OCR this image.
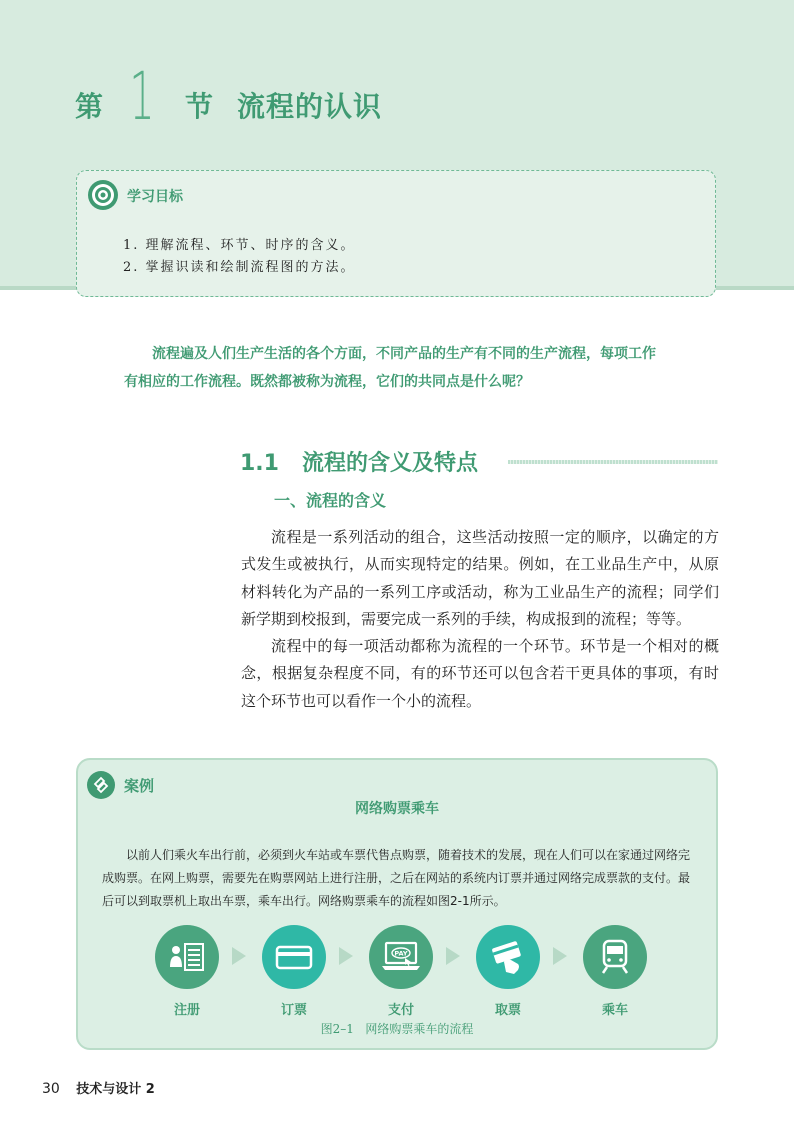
第 1 节 流程的认识
学习目标
1. 理解流程、环节、时序的含义。
2. 掌握识读和绘制流程图的方法。

流程遍及人们生产生活的各个方面，不同产品的生产有不同的生产流程，每项工作

有相应的工作流程。既然都被称为流程，它们的共同点是什么呢？

1.1   流程的含义及特点
一、流程的含义

流程是一系列活动的组合，这些活动按照一定的顺序，以确定的方式发生或被执行，从而实现特定的结果。例如，在工业品生产中，从原材料转化为产品的一系列工序或活动，称为工业品生产的流程；同学们新学期到校报到，需要完成一系列的手续，构成报到的流程；等等。

流程中的每一项活动都称为流程的一个环节。环节是一个相对的概念，根据复杂程度不同，有的环节还可以包含若干更具体的事项，有时这个环节也可以看作一个小的流程。

案例
网络购票乘车

以前人们乘火车出行前，必须到火车站或车票代售点购票，随着技术的发展，现在人们可以在家通过网络完成购票。在网上购票，需要先在购票网站上进行注册，之后在网站的系统内订票并通过网络完成票款的支付。最后可以到取票机上取出车票，乘车出行。网络购票乘车的流程如图2-1所示。

注册	订票
PAY
支付	取票	乘车
图2–1   网络购票乘车的流程
30 技术与设计 2
